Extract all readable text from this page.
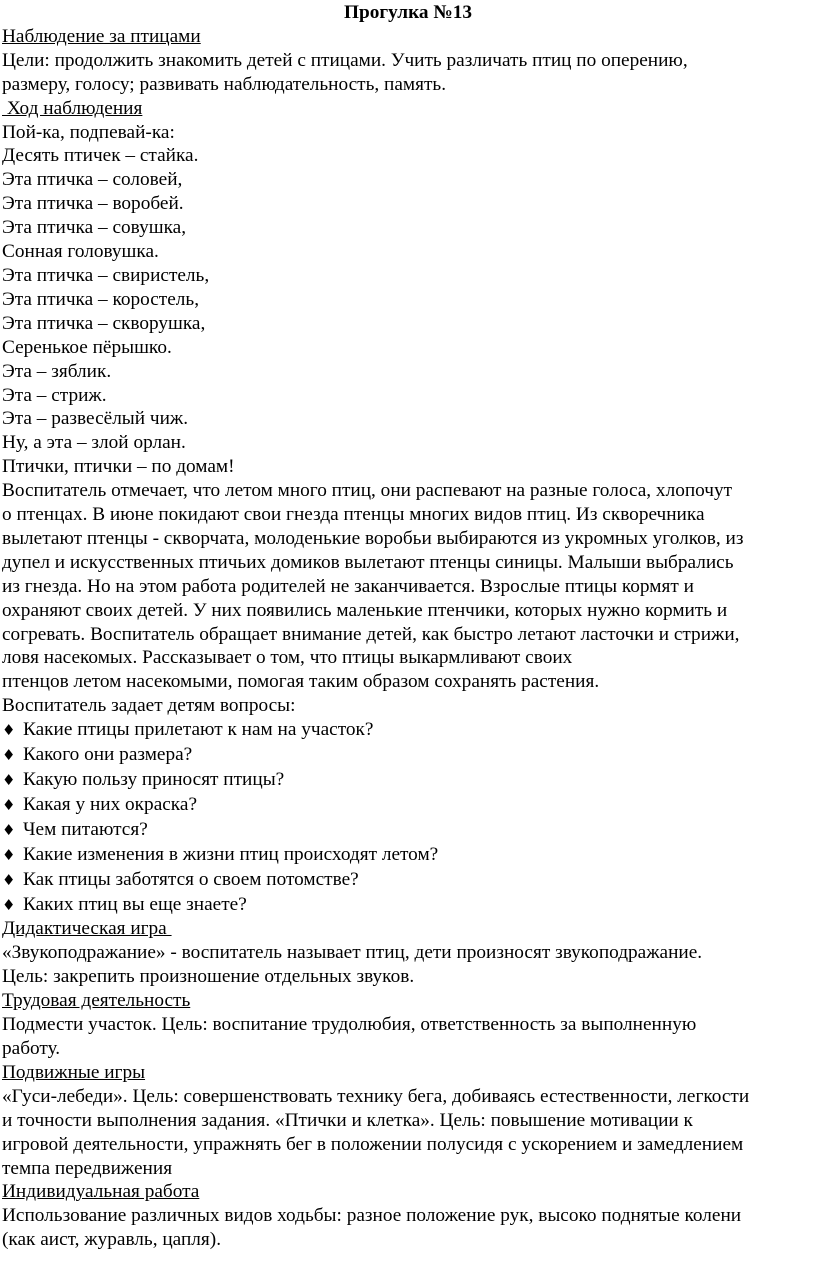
Прогулка №13

Наблюдение за птицами

Цели: продолжить знакомить детей с птицами. Учить различать птиц по оперению,

размеру, голосу; развивать наблюдательность, память.

Ход наблюдения

Пой-ка, подпевай-ка:

Десять птичек – стайка.

Эта птичка – соловей,

Эта птичка – воробей.

Эта птичка – совушка,

Сонная головушка.

Эта птичка – свиристель,

Эта птичка – коростель,

Эта птичка – скворушка,

Серенькое пёрышко.

Эта – зяблик.

Эта – стриж.

Эта – развесёлый чиж.

Ну, а эта – злой орлан.

Птички, птички – по домам!

Воспитатель отмечает, что летом много птиц, они распевают на разные голоса, хлопочут

о птенцах. В июне покидают свои гнезда птенцы многих видов птиц. Из скворечника

вылетают птенцы - скворчата, молоденькие воробьи выбираются из укромных уголков, из

дупел и искусственных птичьих домиков вылетают птенцы синицы. Малыши выбрались

из гнезда. Но на этом работа родителей не заканчивается. Взрослые птицы кормят и

охраняют своих детей. У них появились маленькие птенчики, которых нужно кормить и

согревать. Воспитатель обращает внимание детей, как быстро летают ласточки и стрижи,

ловя насекомых. Рассказывает о том, что птицы выкармливают своих

птенцов летом насекомыми, помогая таким образом сохранять растения.

Воспитатель задает детям вопросы:

♦ Какие птицы прилетают к нам на участок?
♦ Какого они размера?
♦ Какую пользу приносят птицы?
♦ Какая у них окраска?
♦ Чем питаются?
♦ Какие изменения в жизни птиц происходят летом?
♦ Как птицы заботятся о своем потомстве?
♦ Каких птиц вы еще знаете?

Дидактическая игра

«Звукоподражание» - воспитатель называет птиц, дети произносят звукоподражание.

Цель: закрепить произношение отдельных звуков.

Трудовая деятельность

Подмести участок. Цель: воспитание трудолюбия, ответственность за выполненную

работу.

Подвижные игры

«Гуси-лебеди». Цель: совершенствовать технику бега, добиваясь естественности, легкости

и точности выполнения задания. «Птички и клетка». Цель: повышение мотивации к

игровой деятельности, упражнять бег в положении полусидя с ускорением и замедлением

темпа передвижения

Индивидуальная работа

Использование различных видов ходьбы: разное положение рук, высоко поднятые колени

(как аист, журавль, цапля).
